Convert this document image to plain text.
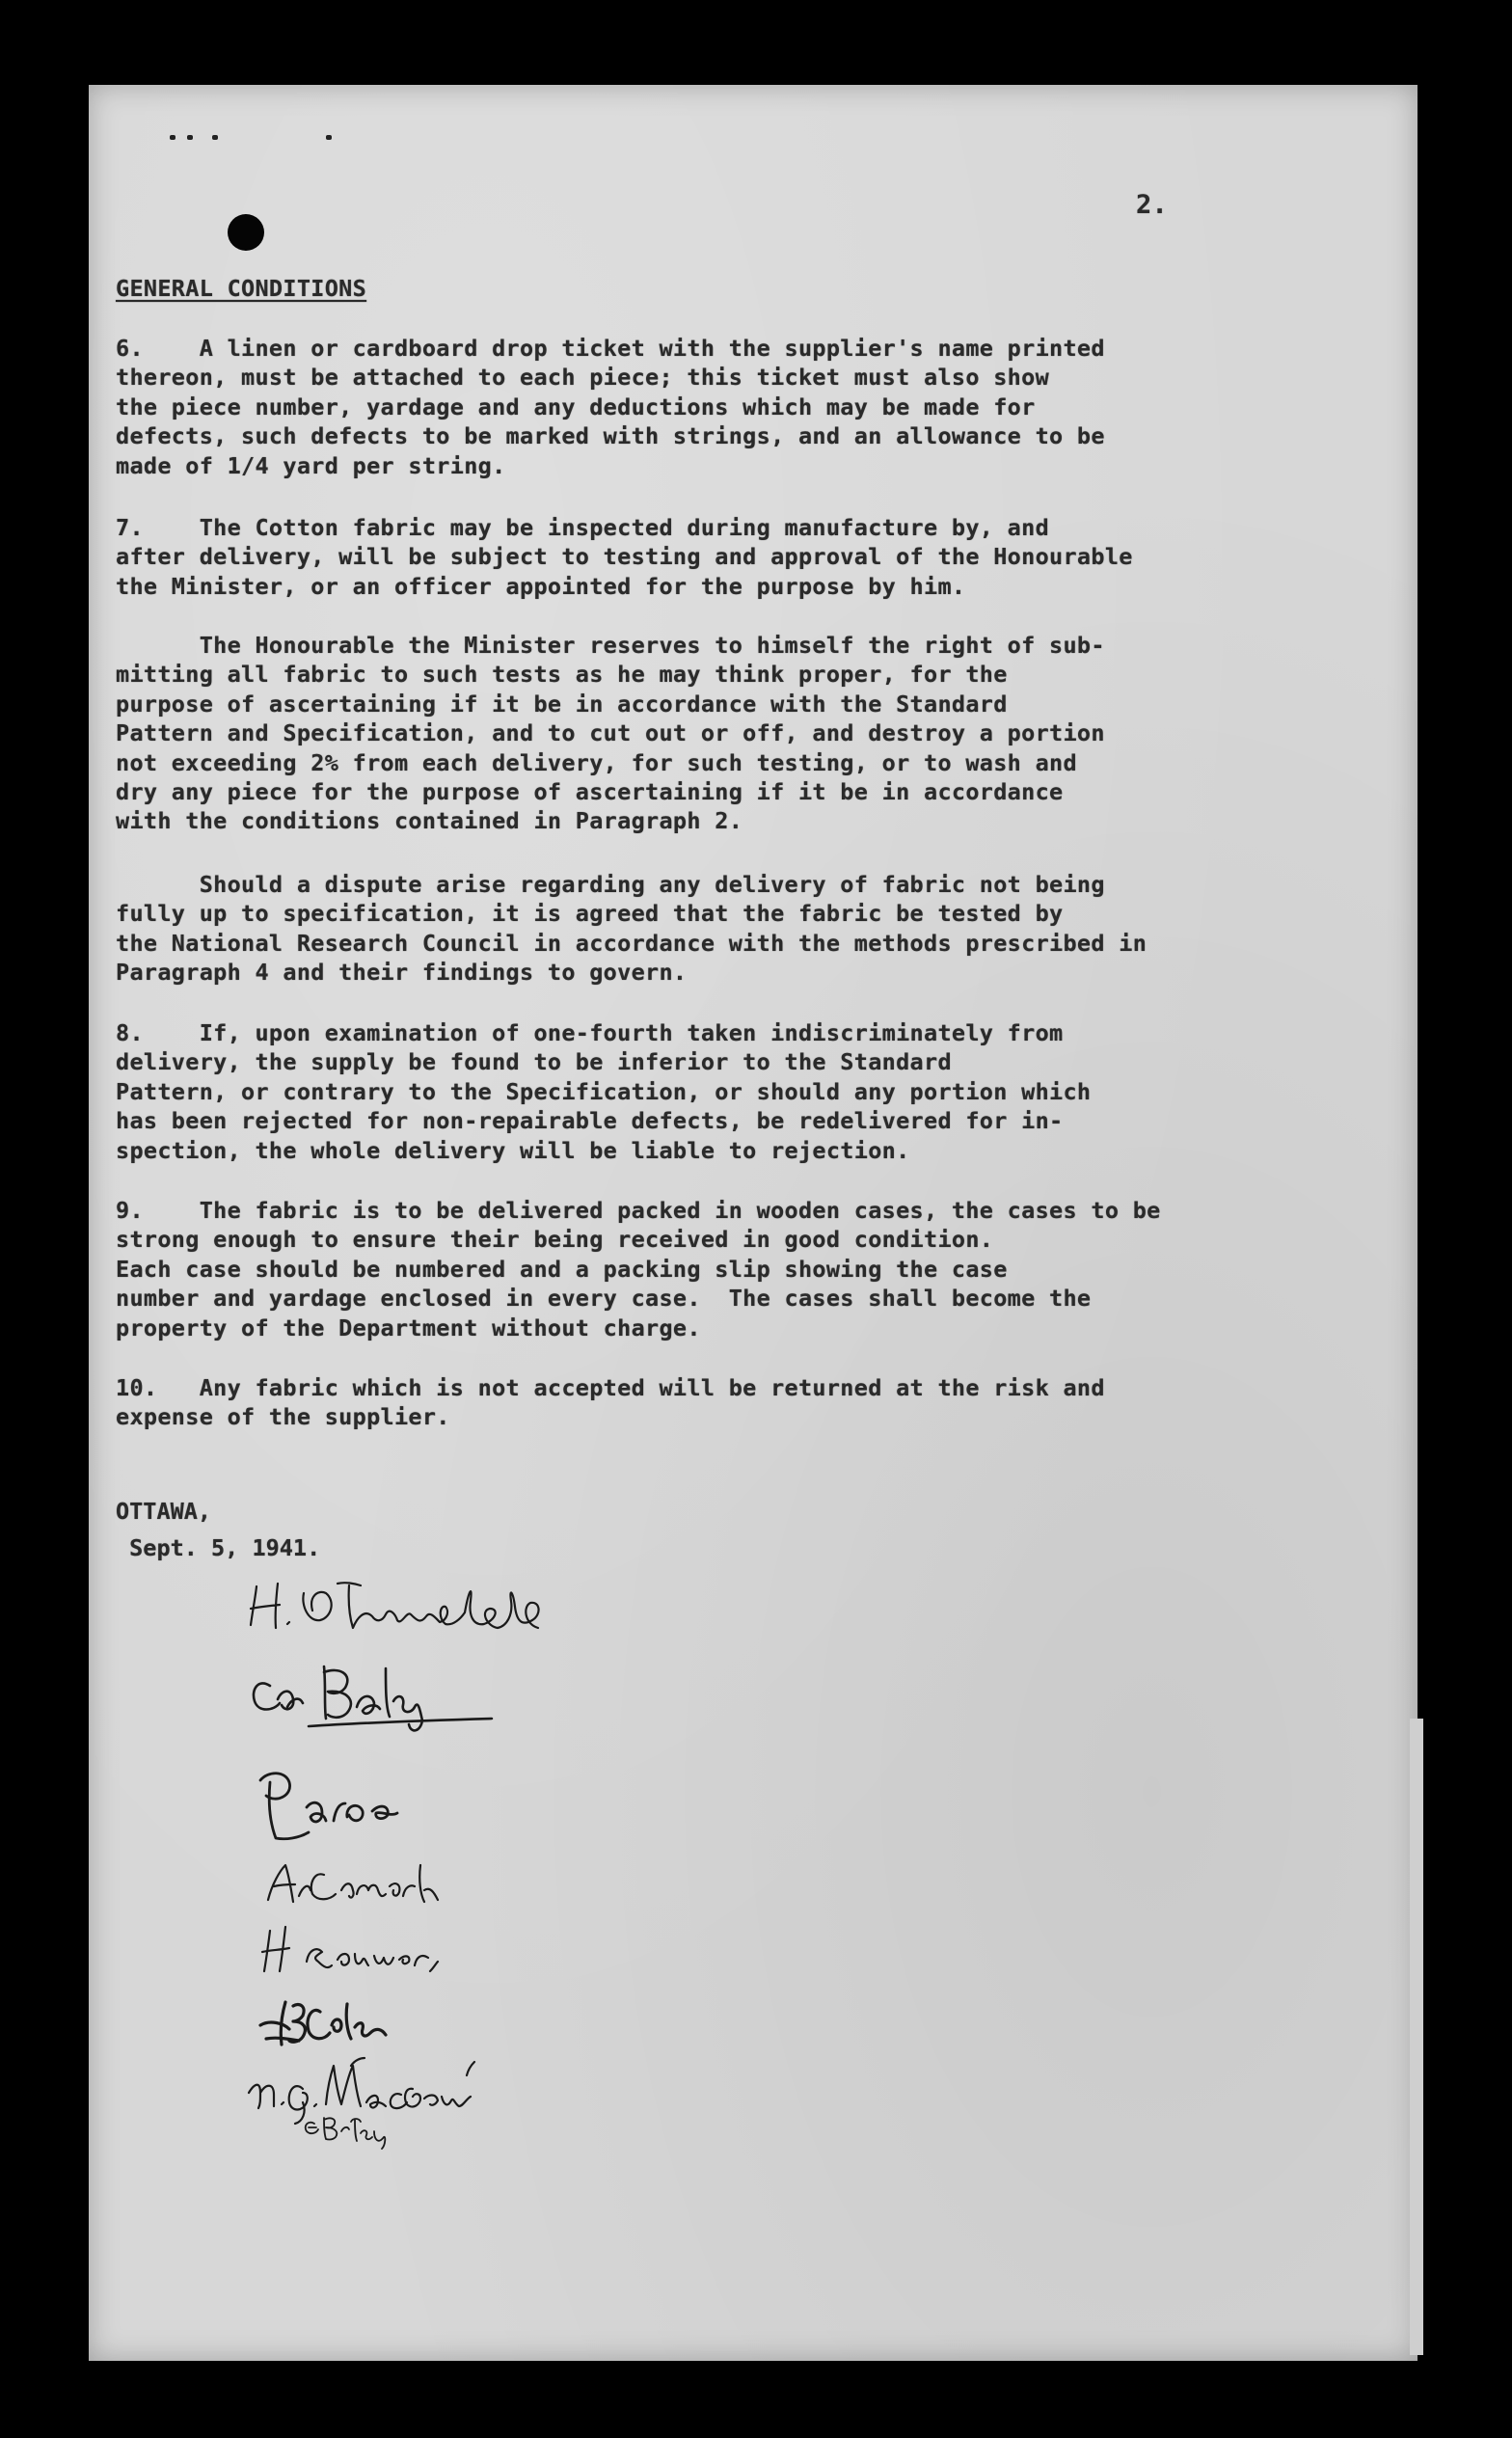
2.
GENERAL CONDITIONS
6.    A linen or cardboard drop ticket with the supplier's name printed
thereon, must be attached to each piece; this ticket must also show
the piece number, yardage and any deductions which may be made for
defects, such defects to be marked with strings, and an allowance to be
made of 1/4 yard per string.
7.    The Cotton fabric may be inspected during manufacture by, and
after delivery, will be subject to testing and approval of the Honourable
the Minister, or an officer appointed for the purpose by him.
The Honourable the Minister reserves to himself the right of sub-
mitting all fabric to such tests as he may think proper, for the
purpose of ascertaining if it be in accordance with the Standard
Pattern and Specification, and to cut out or off, and destroy a portion
not exceeding 2% from each delivery, for such testing, or to wash and
dry any piece for the purpose of ascertaining if it be in accordance
with the conditions contained in Paragraph 2.
Should a dispute arise regarding any delivery of fabric not being
fully up to specification, it is agreed that the fabric be tested by
the National Research Council in accordance with the methods prescribed in
Paragraph 4 and their findings to govern.
8.    If, upon examination of one-fourth taken indiscriminately from
delivery, the supply be found to be inferior to the Standard
Pattern, or contrary to the Specification, or should any portion which
has been rejected for non-repairable defects, be redelivered for in-
spection, the whole delivery will be liable to rejection.
9.    The fabric is to be delivered packed in wooden cases, the cases to be
strong enough to ensure their being received in good condition.
Each case should be numbered and a packing slip showing the case
number and yardage enclosed in every case.  The cases shall become the
property of the Department without charge.
10.   Any fabric which is not accepted will be returned at the risk and
expense of the supplier.
OTTAWA,
Sept. 5, 1941.
